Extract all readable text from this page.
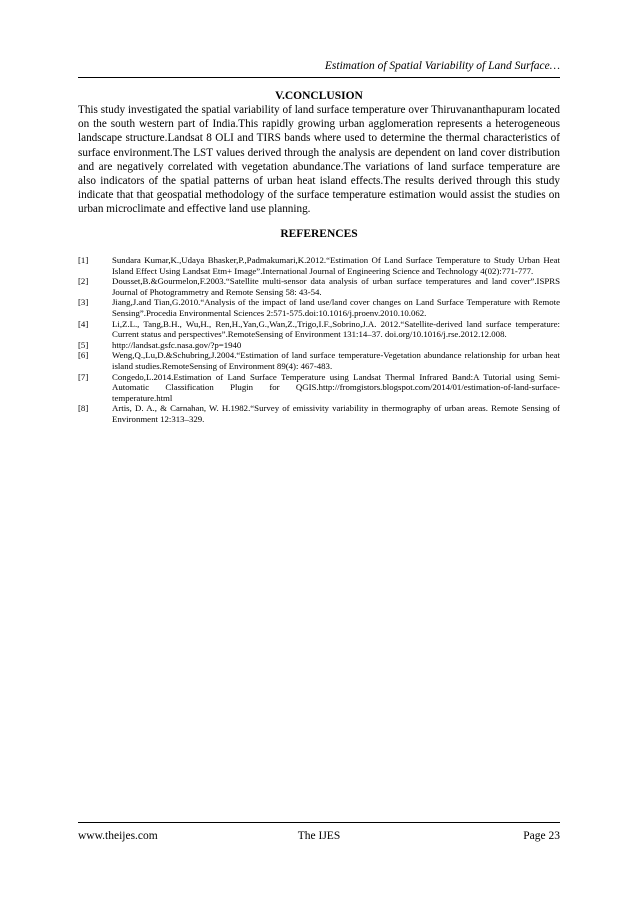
Estimation of Spatial Variability of Land Surface…
V.CONCLUSION

This study investigated the spatial variability of land surface temperature over Thiruvananthapuram located on the south western part of India.This rapidly growing urban agglomeration represents a heterogeneous landscape structure.Landsat 8 OLI and TIRS bands where used to determine the thermal characteristics of surface environment.The LST values derived through the analysis are dependent on land cover distribution and are negatively correlated with vegetation abundance.The variations of land surface temperature are also indicators of the spatial patterns of urban heat island effects.The results derived through this study indicate that that geospatial methodology of the surface temperature estimation would assist the studies on urban microclimate and effective land use planning.

REFERENCES
[1]	Sundara Kumar,K.,Udaya Bhasker,P.,Padmakumari,K.2012.“Estimation Of Land Surface Temperature to Study Urban Heat Island Effect Using Landsat Etm+ Image”.International Journal of Engineering Science and Technology 4(02):771-777.
[2]	Dousset,B.&Gourmelon,F.2003.“Satellite multi-sensor data analysis of urban surface temperatures and land cover”.ISPRS Journal of Photogrammetry and Remote Sensing 58: 43-54.
[3]	Jiang,J.and Tian,G.2010.“Analysis of the impact of land use/land cover changes on Land Surface Temperature with Remote Sensing”.Procedia Environmental Sciences 2:571-575.doi:10.1016/j.proenv.2010.10.062.
[4]	Li,Z.L., Tang,B.H., Wu,H., Ren,H.,Yan,G.,Wan,Z.,Trigo,I.F.,Sobrino,J.A. 2012.“Satellite-derived land surface temperature: Current status and perspectives”.RemoteSensing of Environment 131:14–37. doi.org/10.1016/j.rse.2012.12.008.
[5]	http://landsat.gsfc.nasa.gov/?p=1940
[6]	Weng,Q.,Lu,D.&Schubring,J.2004.“Estimation of land surface temperature-Vegetation abundance relationship for urban heat island studies.RemoteSensing of Environment 89(4): 467-483.
[7]	Congedo,L.2014.Estimation of Land Surface Temperature using Landsat Thermal Infrared Band:A Tutorial using Semi-Automatic Classification Plugin for QGIS.http://fromgistors.blogspot.com/2014/01/estimation-of-land-surface-temperature.html
[8]	Artis, D. A., & Carnahan, W. H.1982.“Survey of emissivity variability in thermography of urban areas. Remote Sensing of Environment 12:313–329.
www.theijes.com	The IJES	Page 23
